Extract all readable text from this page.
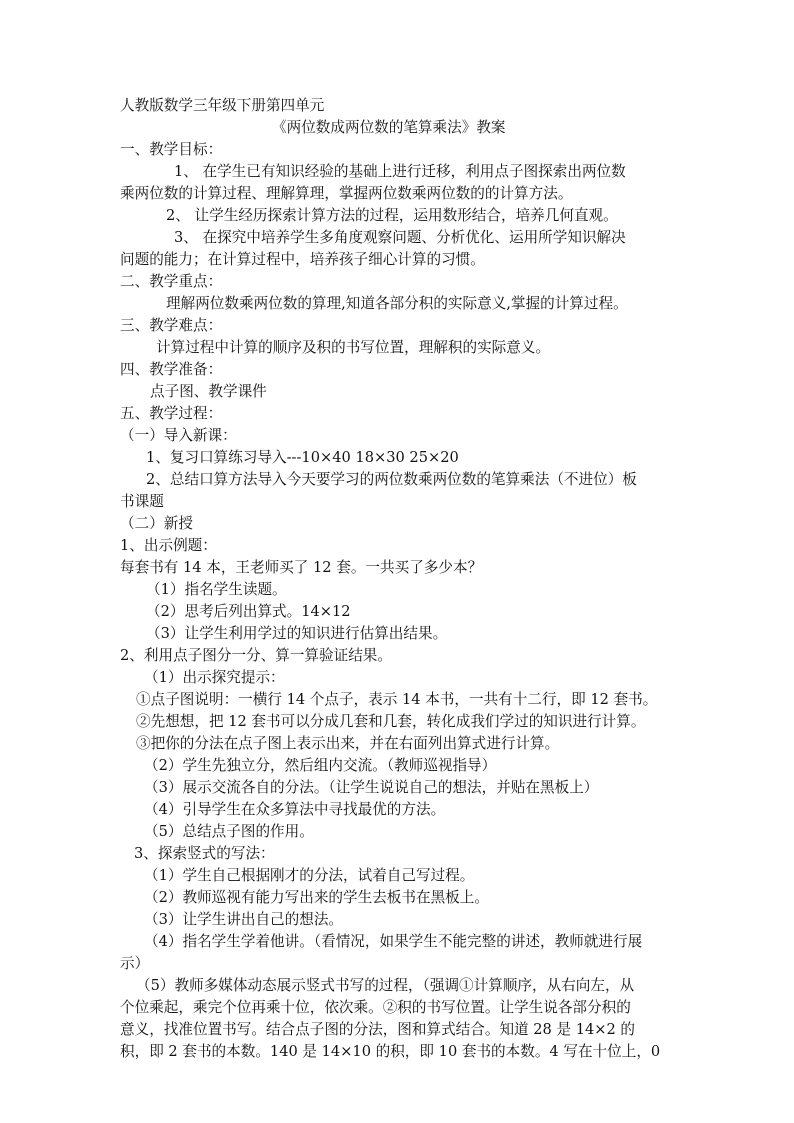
人教版数学三年级下册第四单元
《两位数成两位数的笔算乘法》教案
一、教学目标：
1、 在学生已有知识经验的基础上进行迁移，利用点子图探索出两位数
乘两位数的计算过程、理解算理，掌握两位数乘两位数的的计算方法。
2、 让学生经历探索计算方法的过程，运用数形结合，培养几何直观。
3、 在探究中培养学生多角度观察问题、分析优化、运用所学知识解决
问题的能力；在计算过程中，培养孩子细心计算的习惯。
二、教学重点：
理解两位数乘两位数的算理,知道各部分积的实际意义,掌握的计算过程。
三、教学难点：
计算过程中计算的顺序及积的书写位置，理解积的实际意义。
四、教学准备：
点子图、教学课件
五、教学过程：
（一）导入新课：
1、复习口算练习导入---10×40 18×30 25×20
2、总结口算方法导入今天要学习的两位数乘两位数的笔算乘法（不进位）板
书课题
（二）新授
1、出示例题：
每套书有 14 本，王老师买了 12 套。一共买了多少本？
（1）指名学生读题。
（2）思考后列出算式。14×12
（3）让学生利用学过的知识进行估算出结果。
2、利用点子图分一分、算一算验证结果。
（1）出示探究提示：
①点子图说明：一横行 14 个点子，表示 14 本书，一共有十二行，即 12 套书。
②先想想，把 12 套书可以分成几套和几套，转化成我们学过的知识进行计算。
③把你的分法在点子图上表示出来，并在右面列出算式进行计算。
（2）学生先独立分，然后组内交流。（教师巡视指导）
（3）展示交流各自的分法。（让学生说说自己的想法，并贴在黑板上）
（4）引导学生在众多算法中寻找最优的方法。
（5）总结点子图的作用。
3、探索竖式的写法：
（1）学生自己根据刚才的分法，试着自己写过程。
（2）教师巡视有能力写出来的学生去板书在黑板上。
（3）让学生讲出自己的想法。
（4）指名学生学着他讲。（看情况，如果学生不能完整的讲述，教师就进行展
示）
（5）教师多媒体动态展示竖式书写的过程，（强调①计算顺序，从右向左，从
个位乘起，乘完个位再乘十位，依次乘。②积的书写位置。让学生说各部分积的
意义，找准位置书写。结合点子图的分法，图和算式结合。知道 28 是 14×2 的
积，即 2 套书的本数。140 是 14×10 的积，即 10 套书的本数。4 写在十位上，0
